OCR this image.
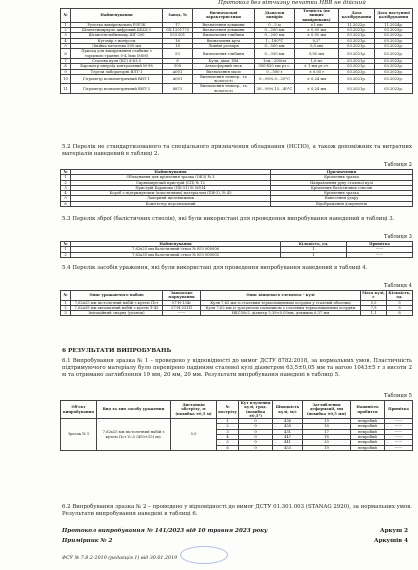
Протокол без вітчизну печатки НВВ не дійсний
№	Найменування	Завод. №	Визначальні характеристики	Діапазон вимірів	Точність (не вищих вимірювань)	Дата калібрування	Дата наступної калібрування
1	Рулетка вимірювальна Р5УЗК	17	Визначення довжини	0…5 м	±1 мм	11.2022р.	11.2024р.
2	Штангенциркуль цифровий ШЦЦ-1	GX 1201775	Визначення довжини	0…200 мм	± 0,05 мм	03.2021р.	03.2023р.
3	Штангенглибиномір ШГ-200	533.501	Визначення глибини	0…200 мм	± 0,05 мм	03.2021р.	03.2023р.
4	Кутомір з ноніусом	16	Визначення кута	1…180°С	0,2°	03.2021р.	03.2023р.
5	Лінійка металева 500 мм	18	Лінійні розміри	0…500 мм	0,5 мм	03.2021р.	03.2023р.
6	Прилад для вимірювання глибини з торцевою гранню 0-4,5мм (М08)	53	Визначення глибини	0…350 мм	0,05 мм	03.2021р.	03.2023р.
7	Сталева куля (КС) d-63,5	8	Куля, діам. ПМ	1см…200см	1,6 мг	03.2021р.	03.2023р.
8	Барометр-анероїд контрольний М-98	509	Атмосферний тиск	300-820 мм рт.с.	± 1 мм рт.ст.	03.2021р.	03.2023р.
9	Терези лабораторні ВЛТ-1	A001	Визначення маси	0…500 г	± 0,05 г	03.2021р.	03.2023р.
10	Гігрометр психометричний ВИТ-1	A001	Визначення темпер., та вологості	0…90% 0…25°С	± 0,24 мм	03.2021р.	03.2023р.
11	Гігрометр психометричний ВИТ-2	8872	Визначення темпер., та вологості	20…90% 15…40°С	± 0,24 мм	03.2021р.	03.2023р.
5.2 Перелік не стандартизованого та спеціального призначення обладнання (НСПО), а також допоміжних та витратних матеріалів наведений в таблиці 2.
Таблиця 2
№	Найменування	Призначення
1	Обладнання для кріплення зразка (ОКЗ) № 3	Кріплення зразка
2	Спрямовуючий пристрій (СП) № 12	Направлення руху сталевої кулі
3	Пристрій Баранова (ПБ-51) № М014	Кріплення балістичних стволів
4	Короб з підтримуючим (пластичним) матеріалом (ПФ-3), № 45	Кріплення зразка
5	Лакерний щелевпіжчик	Нанесення удару
6	Комп'ютер персональний	Відображення документів
5.3 Перелік зброї (балістичних стволів), які були використані для проведення випробування наведений в таблиці 3.
Таблиця 3
№	Найменування	Кількість, од.	Примітка
1	7,62х25 мм балістичний ствол № ЮЗ 000006	1	------
2	7,62х39 мм балістичний ствол № ЮЗ 000003	1	------
5.4 Перелік засобів ураження, які були використані для проведення випробування наведений в таблиці 4.
Таблиця 4
№	Опис уражаючого набою	Заводське маркування	Опис кінцевого елемента - кулі	Маса кулі, г	Кількість, од.
1	7,62х25 мм пістолетний набій з кулею Пст	57-Н-134с	Куля 7,62 мм із сталевим термозміцненим осердям у сталевій оболонці	5,5	5
2	7,62х39 мм автоматний набій з кулею Т-45	57-Н-231П	Куля 7,62 мм із трасуючою пальником з сталевим термозміцненим осердям	7,9	5
3	Імітаційний снаряд (уламок)	------	НКС30с2, діаметр 5,39±0,05мм, довжина 6,37 мм	1,1	8
6 РЕЗУЛЬТАТИ ВИПРОБУВАНЬ
6.1 Випробування зразка № 1 – проведено у відповідності до вимог ДСТУ 8782:2018, за нормальних умов. Пластичність підтримуючого матеріалу було перевірено падінням сталевої кулі діаметром 63,5±0,05 мм та вагою 1043±5 г з висоти 2 м та отримано заглиблення 19 мм, 20 мм, 20 мм. Результати випробування наведені в таблиці 5.
Таблиця 5
Об'єкт випробування	Вид та тип засобу ураження	Дистанція обстрілу, м (похибка ±0,5 м)	№ пострілу	Кут влучення кулі, град. (похибка ±0,5°)	Швидкість кулі, м/с	Заглиблення деформації, мм (похибка ±0,5 мм)	Наявність пробиття	Примітка
Зразок № 1	7,62х25 мм пістолетний набій з кулею Пст V₂,5 (450±15) м/с	5,0	1	0	436	19	непробий	------
			2	0	458	18	непробий	------
			3	0	431	17	непробий	------
			4	0	447	18	непробий	------
			5	0	441	20	непробий	------
			6	0	453	19	непробий	------
6.2 Випробування зразка № 2 – проведено у відповідності до вимог ДСТУ 01.301.003 (STANAG 2920), за нормальних умов. Результати випробування наведені в таблиці 6.
Протокол випробування № 141/2023 від 10 травня 2023 року
Примірник № 2
Аркуш 2
Аркушів 4
ФСУ № 7.8.2-2019 (редакція 1) від 30.01.2019
